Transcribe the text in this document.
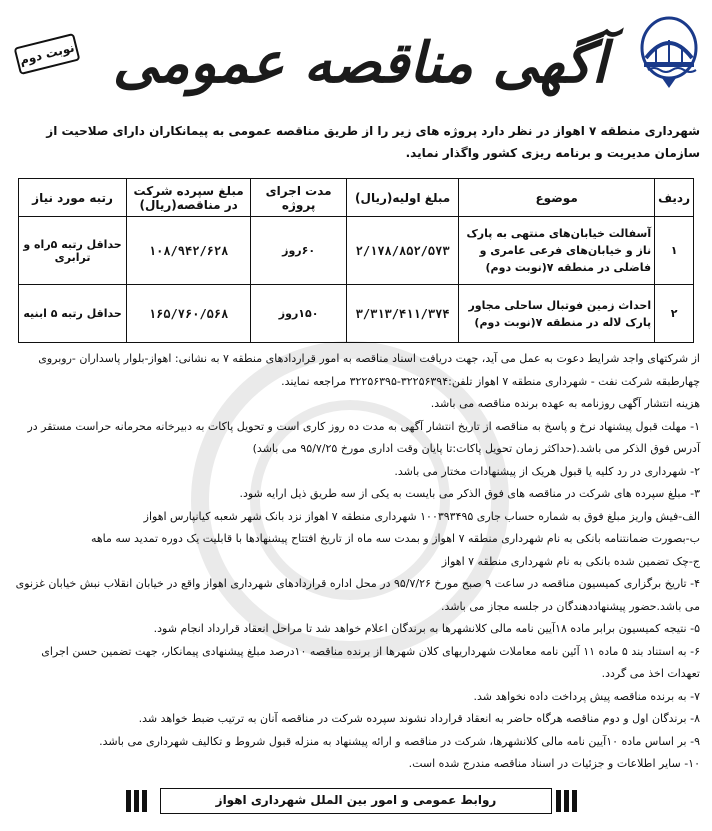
آگهی مناقصه عمومی
نوبت دوم
شهرداری منطقه ۷ اهواز در نظر دارد پروژه های زیر را از طریق مناقصه عمومی به پیمانکاران دارای صلاحیت از سازمان مدیریت و برنامه ریزی کشور واگذار نماید.
ردیف	موضوع	مبلغ اولیه(ریال)	مدت اجرای پروژه	مبلغ سپرده شرکت در مناقصه(ریال)	رتبه مورد نیاز
۱	آسفالت خیابان‌های منتهی به پارک ناز و خیابان‌های فرعی عامری و فاضلی در منطقه ۷(نوبت دوم)	۲/۱۷۸/۸۵۲/۵۷۳	۶۰روز	۱۰۸/۹۴۲/۶۲۸	حداقل رتبه ۵راه و ترابری
۲	احداث زمین فوتبال ساحلی مجاور پارک لاله در منطقه ۷(نوبت دوم)	۳/۳۱۳/۴۱۱/۳۷۴	۱۵۰روز	۱۶۵/۷۶۰/۵۶۸	حداقل رتبه ۵ ابنیه

از شرکتهای واجد شرایط دعوت به عمل می آید، جهت دریافت اسناد مناقصه به امور قراردادهای منطقه ۷ به نشانی: اهواز-بلوار پاسداران -روبروی چهارطبقه شرکت نفت - شهرداری منطقه ۷ اهواز تلفن:۳۲۲۵۶۳۹۴-۳۲۲۵۶۳۹۵ مراجعه نمایند.

هزینه انتشار آگهی روزنامه به عهده برنده مناقصه می باشد.

۱- مهلت قبول پیشنهاد نرخ و پاسخ به مناقصه از تاریخ انتشار آگهی به مدت ده روز کاری است و تحویل پاکات به دبیرخانه محرمانه حراست مستقر در آدرس فوق الذکر می باشد.(حداکثر زمان تحویل پاکات:تا پایان وقت اداری مورخ ۹۵/۷/۲۵ می باشد)

۲- شهرداری در رد کلیه یا قبول هریک از پیشنهادات مختار می باشد.

۳- مبلغ سپرده های شرکت در مناقصه های فوق الذکر می بایست به یکی از سه طریق ذیل ارایه شود.

الف-فیش واریز مبلغ فوق به شماره حساب جاری ۱۰۰۳۹۳۴۹۵ شهرداری منطقه ۷ اهواز نزد بانک شهر شعبه کیانپارس اهواز

ب-بصورت ضمانتنامه بانکی به نام شهرداری منطقه ۷ اهواز و بمدت سه ماه از تاریخ افتتاح پیشنهادها با قابلیت یک دوره تمدید سه ماهه

ج-چک تضمین شده بانکی به نام شهرداری منطقه ۷ اهواز

۴- تاریخ برگزاری کمیسیون مناقصه در ساعت ۹ صبح مورخ ۹۵/۷/۲۶ در محل اداره قراردادهای شهرداری اهواز واقع در خیابان انقلاب نبش خیابان غزنوی می باشد.حضور پیشنهاددهندگان در جلسه مجاز می باشد.

۵- نتیجه کمیسیون برابر ماده ۱۸آیین نامه مالی کلانشهرها به برندگان اعلام خواهد شد تا مراحل انعقاد قرارداد انجام شود.

۶- به استناد بند ۵ ماده ۱۱ آئین نامه معاملات شهرداریهای کلان شهرها از برنده مناقصه ۱۰درصد مبلغ پیشنهادی پیمانکار، جهت تضمین حسن اجرای تعهدات اخذ می گردد.

۷- به برنده مناقصه پیش پرداخت داده نخواهد شد.

۸- برندگان اول و دوم مناقصه هرگاه حاضر به انعقاد قرارداد نشوند سپرده شرکت در مناقصه آنان به ترتیب ضبط خواهد شد.

۹- بر اساس ماده ۱۰آیین نامه مالی کلانشهرها، شرکت در مناقصه و ارائه پیشنهاد به منزله قبول شروط و تکالیف شهرداری می باشد.

۱۰- سایر اطلاعات و جزئیات در اسناد مناقصه مندرج شده است.

روابط عمومی و امور بین الملل شهرداری اهواز
